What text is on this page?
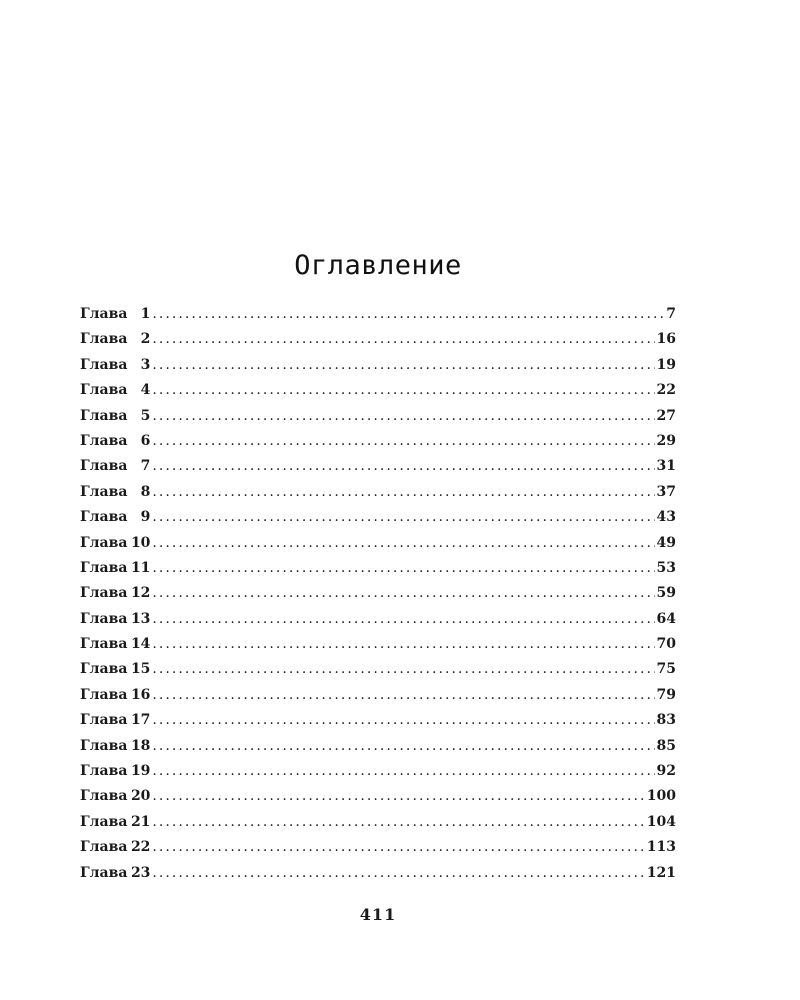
Оглавление
Глава 1 . . .	7
Глава 2 . . .	16
Глава 3 . . .	19
Глава 4 . . .	22
Глава 5 . . .	27
Глава 6 . . .	29
Глава 7 . . .	31
Глава 8 . . .	37
Глава 9 . . .	43
Глава 10 . . .	49
Глава 11 . . .	53
Глава 12 . . .	59
Глава 13 . . .	64
Глава 14 . . .	70
Глава 15 . . .	75
Глава 16 . . .	79
Глава 17 . . .	83
Глава 18 . . .	85
Глава 19 . . .	92
Глава 20 . . .	100
Глава 21 . . .	104
Глава 22 . . .	113
Глава 23 . . .	121
411
